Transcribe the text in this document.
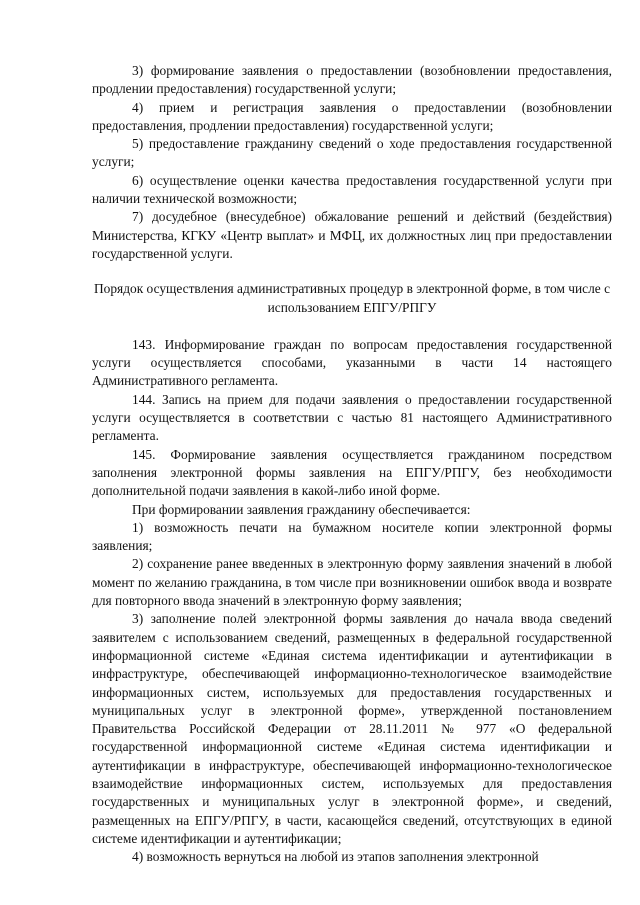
3) формирование заявления о предоставлении (возобновлении предоставления, продлении предоставления) государственной услуги;

4) прием и регистрация заявления о предоставлении (возобновлении предоставления, продлении предоставления) государственной услуги;

5) предоставление гражданину сведений о ходе предоставления государственной услуги;

6) осуществление оценки качества предоставления государственной услуги при наличии технической возможности;

7) досудебное (внесудебное) обжалование решений и действий (бездействия) Министерства, КГКУ «Центр выплат» и МФЦ, их должностных лиц при предоставлении государственной услуги.

Порядок осуществления административных процедур в электронной форме, в том числе с использованием ЕПГУ/РПГУ

143. Информирование граждан по вопросам предоставления государственной услуги осуществляется способами, указанными в части 14 настоящего Административного регламента.

144. Запись на прием для подачи заявления о предоставлении государственной услуги осуществляется в соответствии с частью 81 настоящего Административного регламента.

145. Формирование заявления осуществляется гражданином посредством заполнения электронной формы заявления на ЕПГУ/РПГУ, без необходимости дополнительной подачи заявления в какой-либо иной форме.

При формировании заявления гражданину обеспечивается:

1) возможность печати на бумажном носителе копии электронной формы заявления;

2) сохранение ранее введенных в электронную форму заявления значений в любой момент по желанию гражданина, в том числе при возникновении ошибок ввода и возврате для повторного ввода значений в электронную форму заявления;

3) заполнение полей электронной формы заявления до начала ввода сведений заявителем с использованием сведений, размещенных в федеральной государственной информационной системе «Единая система идентификации и аутентификации в инфраструктуре, обеспечивающей информационно-технологическое взаимодействие информационных систем, используемых для предоставления государственных и муниципальных услуг в электронной форме», утвержденной постановлением Правительства Российской Федерации от 28.11.2011 № 977 «О федеральной государственной информационной системе «Единая система идентификации и аутентификации в инфраструктуре, обеспечивающей информационно-технологическое взаимодействие информационных систем, используемых для предоставления государственных и муниципальных услуг в электронной форме», и сведений, размещенных на ЕПГУ/РПГУ, в части, касающейся сведений, отсутствующих в единой системе идентификации и аутентификации;

4) возможность вернуться на любой из этапов заполнения электронной
